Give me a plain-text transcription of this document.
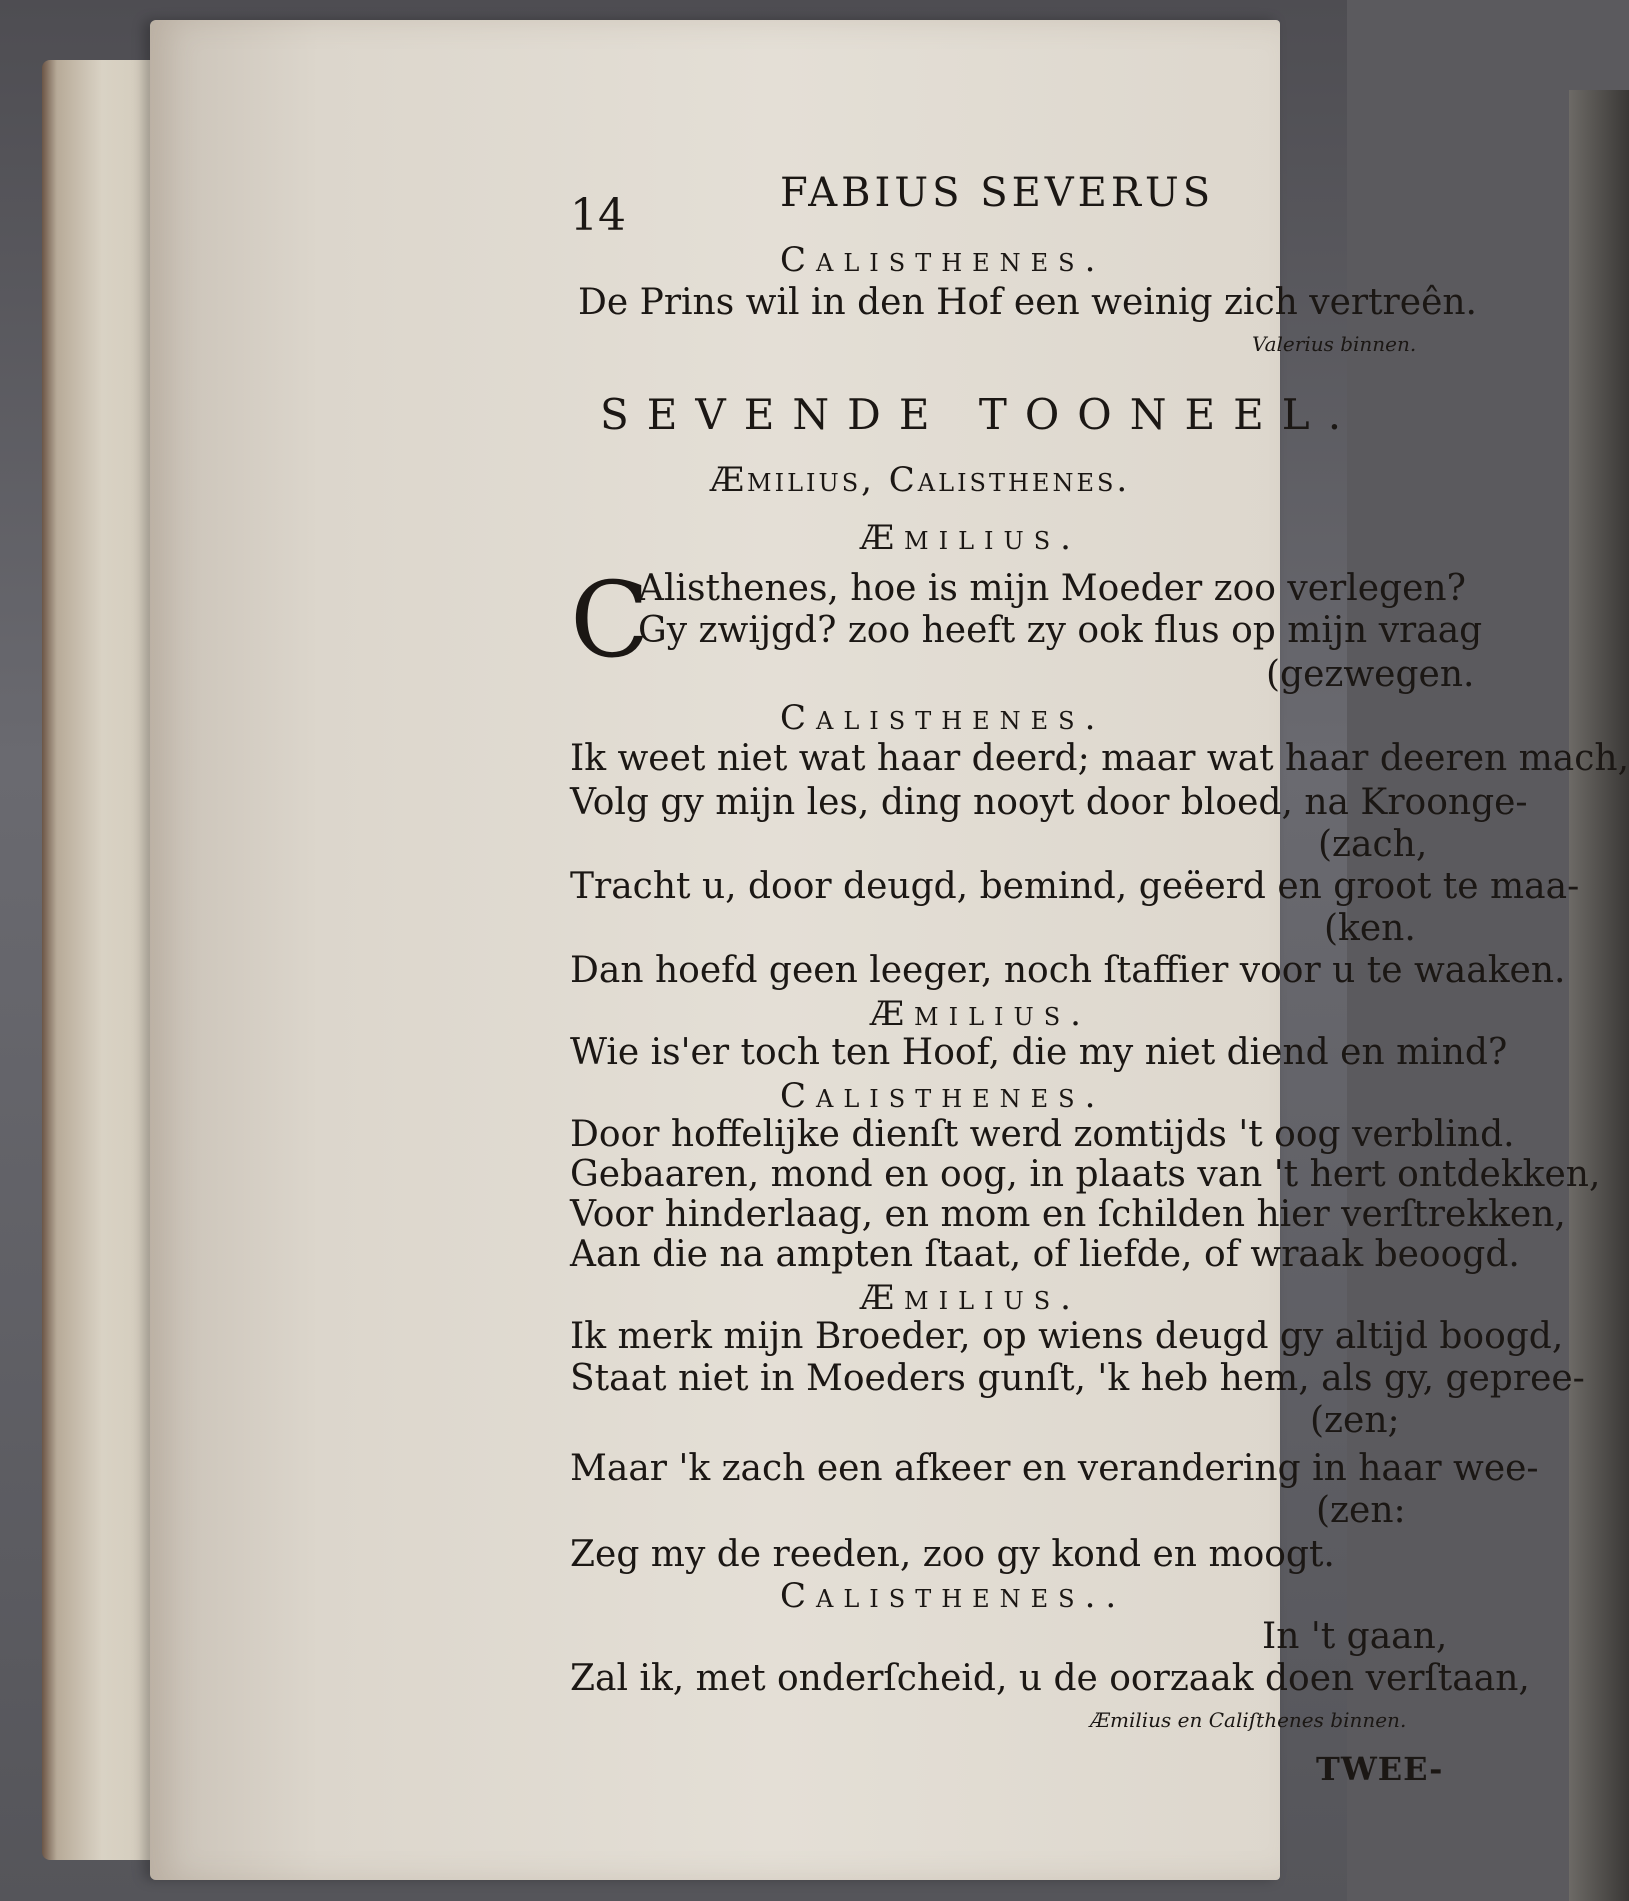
14	FABIUS SEVERUS
Calisthenes.
De Prins wil in den Hof een weinig zich vertreên.
Valerius binnen.
SEVENDE TOONEEL.
Æmilius, Calisthenes.
Æmilius.
C
Alisthenes, hoe is mijn Moeder zoo verlegen?
Gy zwijgd? zoo heeft zy ook flus op mijn vraag
(gezwegen.
Calisthenes.
Ik weet niet wat haar deerd; maar wat haar deeren mach,
Volg gy mijn les, ding nooyt door bloed, na Kroonge-
(zach,
Tracht u, door deugd, bemind, geëerd en groot te maa-
(ken.
Dan hoefd geen leeger, noch ſtaffier voor u te waaken.
Æmilius.
Wie is'er toch ten Hoof, die my niet diend en mind?
Calisthenes.
Door hoffelijke dienſt werd zomtijds 't oog verblind.
Gebaaren, mond en oog, in plaats van 't hert ontdekken,
Voor hinderlaag, en mom en ſchilden hier verſtrekken,
Aan die na ampten ſtaat, of liefde, of wraak beoogd.
Æmilius.
Ik merk mijn Broeder, op wiens deugd gy altijd boogd,
Staat niet in Moeders gunſt, 'k heb hem, als gy, gepree-
(zen;
Maar 'k zach een afkeer en verandering in haar wee-
(zen:
Zeg my de reeden, zoo gy kond en moogt.
Calisthenes..
In 't gaan,
Zal ik, met onderſcheid, u de oorzaak doen verſtaan,
Æmilius en Caliſthenes binnen.
TWEE-
